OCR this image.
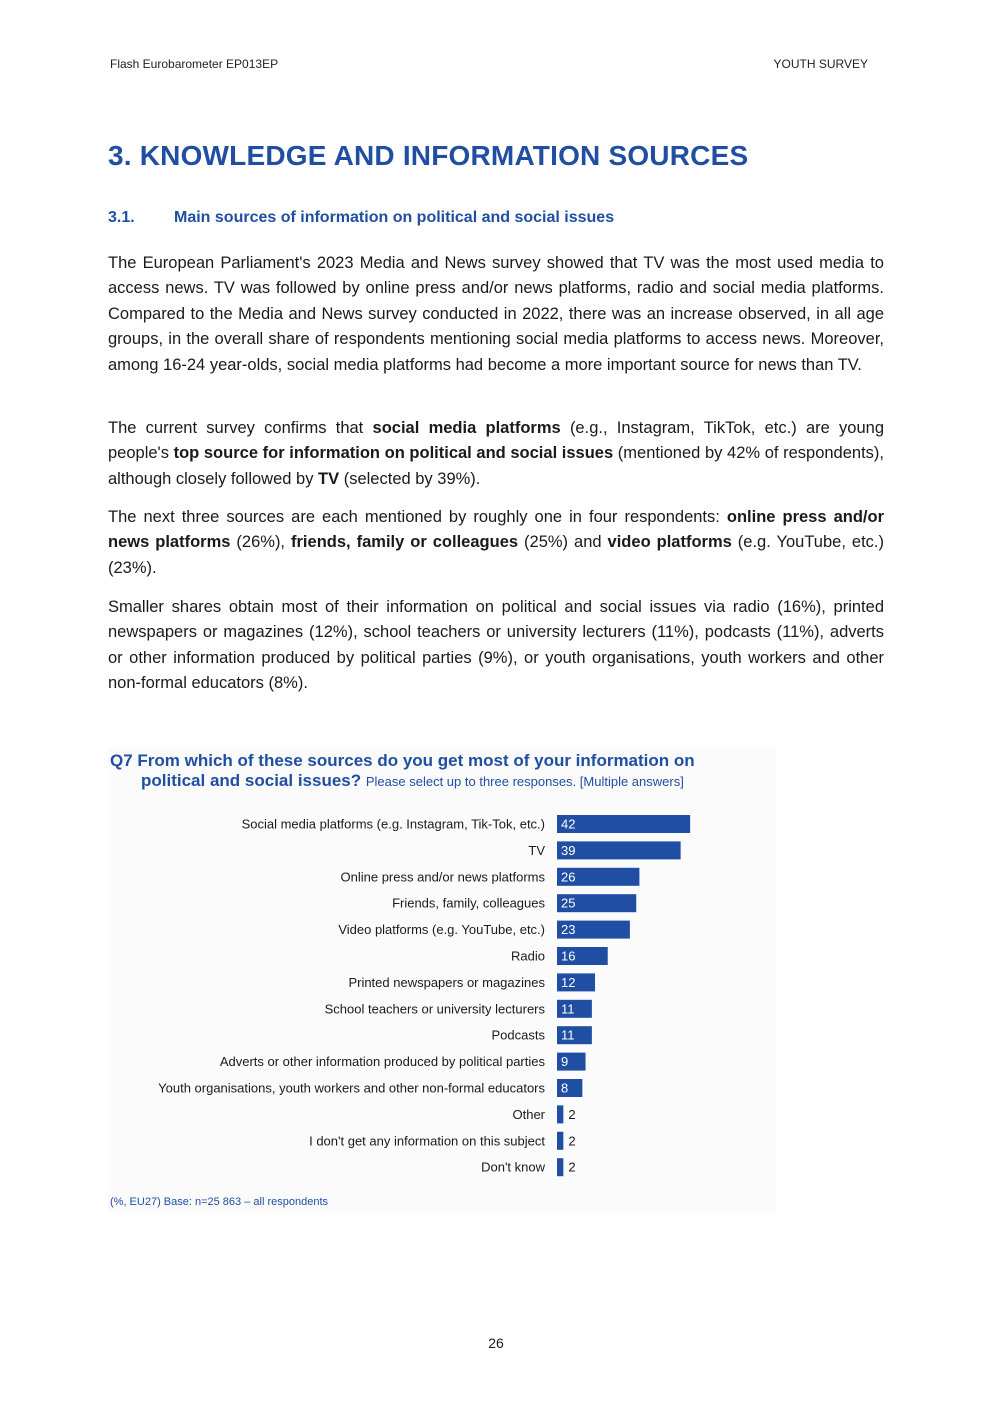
Flash Eurobarometer EP013EP	YOUTH SURVEY
3. KNOWLEDGE AND INFORMATION SOURCES
3.1. Main sources of information on political and social issues

The European Parliament's 2023 Media and News survey showed that TV was the most used media to access news. TV was followed by online press and/or news platforms, radio and social media platforms. Compared to the Media and News survey conducted in 2022, there was an increase observed, in all age groups, in the overall share of respondents mentioning social media platforms to access news. Moreover, among 16-24 year-olds, social media platforms had become a more important source for news than TV.

The current survey confirms that social media platforms (e.g., Instagram, TikTok, etc.) are young people's top source for information on political and social issues (mentioned by 42% of respondents), although closely followed by TV (selected by 39%).

The next three sources are each mentioned by roughly one in four respondents: online press and/or news platforms (26%), friends, family or colleagues (25%) and video platforms (e.g. YouTube, etc.) (23%).

Smaller shares obtain most of their information on political and social issues via radio (16%), printed newspapers or magazines (12%), school teachers or university lecturers (11%), podcasts (11%), adverts or other information produced by political parties (9%), or youth organisations, youth workers and other non-formal educators (8%).

Q7 From which of these sources do you get most of your information on
political and social issues? Please select up to three responses. [Multiple answers]
Social media platforms (e.g. Instagram, Tik-Tok, etc.) 42
TV 39
Online press and/or news platforms 26
Friends, family, colleagues 25
Video platforms (e.g. YouTube, etc.) 23
Radio 16
Printed newspapers or magazines 12
School teachers or university lecturers 11
Podcasts 11
Adverts or other information produced by political parties 9
Youth organisations, youth workers and other non-formal educators 8
Other 2
I don't get any information on this subject 2
Don't know 2
(%, EU27) Base: n=25 863 – all respondents
26
